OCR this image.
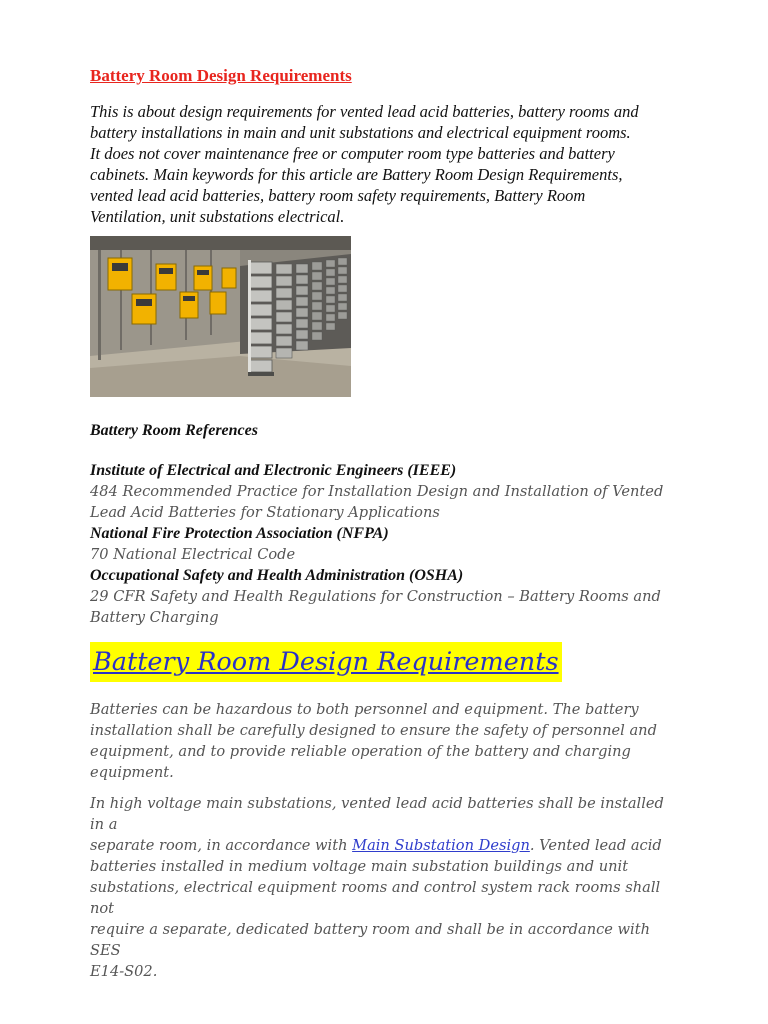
Battery Room Design Requirements
This is about design requirements for vented lead acid batteries, battery rooms and
battery installations in main and unit substations and electrical equipment rooms.
It does not cover maintenance free or computer room type batteries and battery
cabinets. Main keywords for this article are Battery Room Design Requirements,
vented lead acid batteries, battery room safety requirements, Battery Room
Ventilation, unit substations electrical.
Battery Room References
Institute of Electrical and Electronic Engineers (IEEE)
484 Recommended Practice for Installation Design and Installation of Vented
Lead Acid Batteries for Stationary Applications
National Fire Protection Association (NFPA)
70 National Electrical Code
Occupational Safety and Health Administration (OSHA)
29 CFR Safety and Health Regulations for Construction – Battery Rooms and
Battery Charging
Battery Room Design Requirements
Batteries can be hazardous to both personnel and equipment. The battery
installation shall be carefully designed to ensure the safety of personnel and
equipment, and to provide reliable operation of the battery and charging
equipment.
In high voltage main substations, vented lead acid batteries shall be installed in a
separate room, in accordance with Main Substation Design. Vented lead acid
batteries installed in medium voltage main substation buildings and unit
substations, electrical equipment rooms and control system rack rooms shall not
require a separate, dedicated battery room and shall be in accordance with SES
E14-S02.
